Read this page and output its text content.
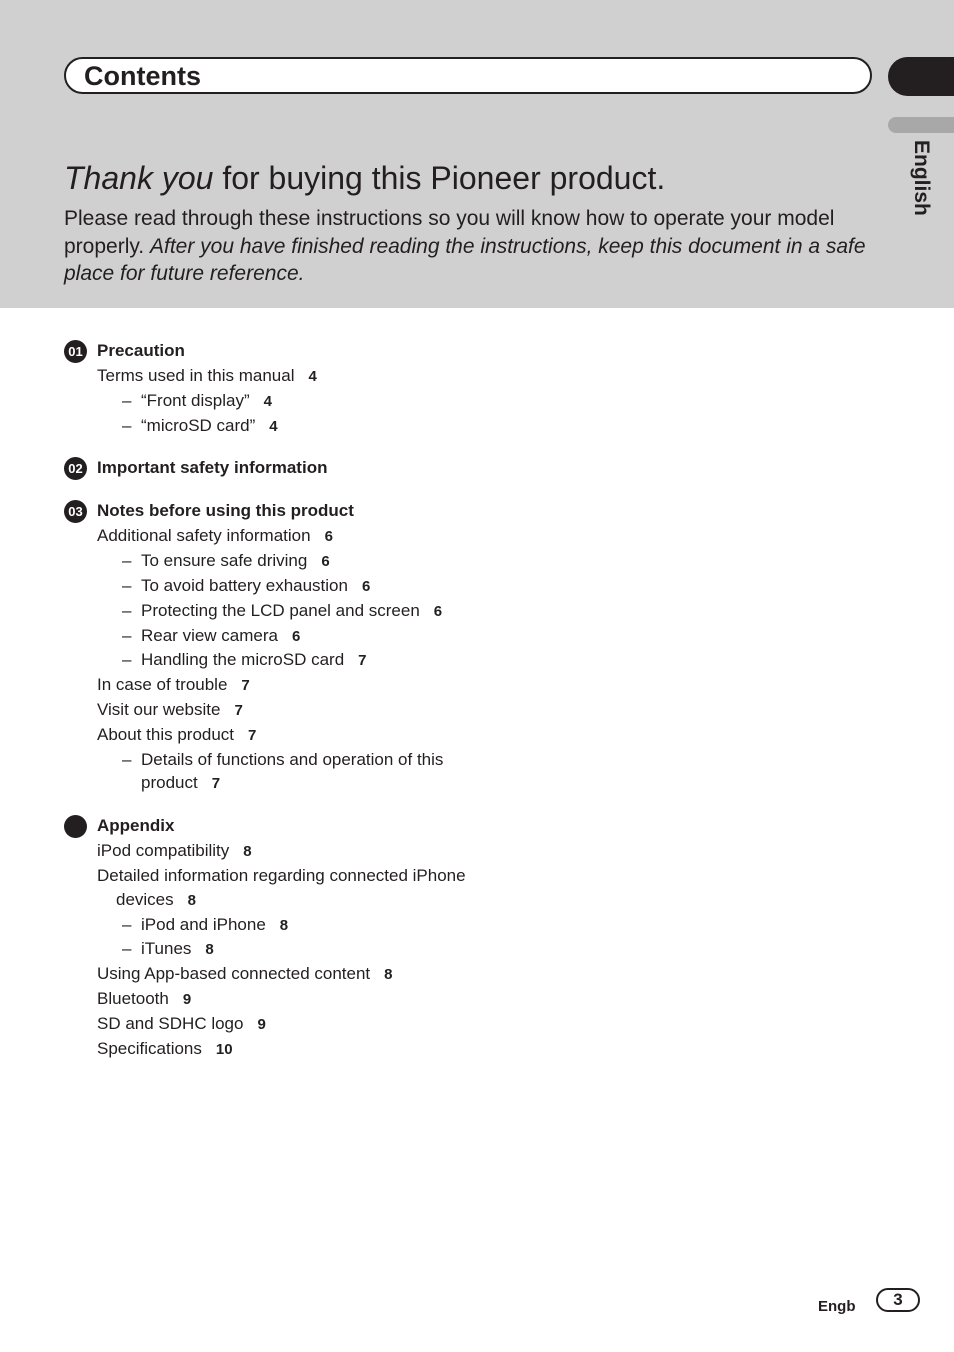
Contents
English
Thank you for buying this Pioneer product.
Please read through these instructions so you will know how to operate your model properly. After you have finished reading the instructions, keep this document in a safe place for future reference.
01 Precaution
Terms used in this manual 4
– “Front display” 4
– “microSD card” 4
02 Important safety information
03 Notes before using this product
Additional safety information 6
– To ensure safe driving 6
– To avoid battery exhaustion 6
– Protecting the LCD panel and screen 6
– Rear view camera 6
– Handling the microSD card 7
In case of trouble 7
Visit our website 7
About this product 7
– Details of functions and operation of this product 7
Appendix
iPod compatibility 8
Detailed information regarding connected iPhone devices 8
– iPod and iPhone 8
– iTunes 8
Using App-based connected content 8
Bluetooth 9
SD and SDHC logo 9
Specifications 10
Engb	3
